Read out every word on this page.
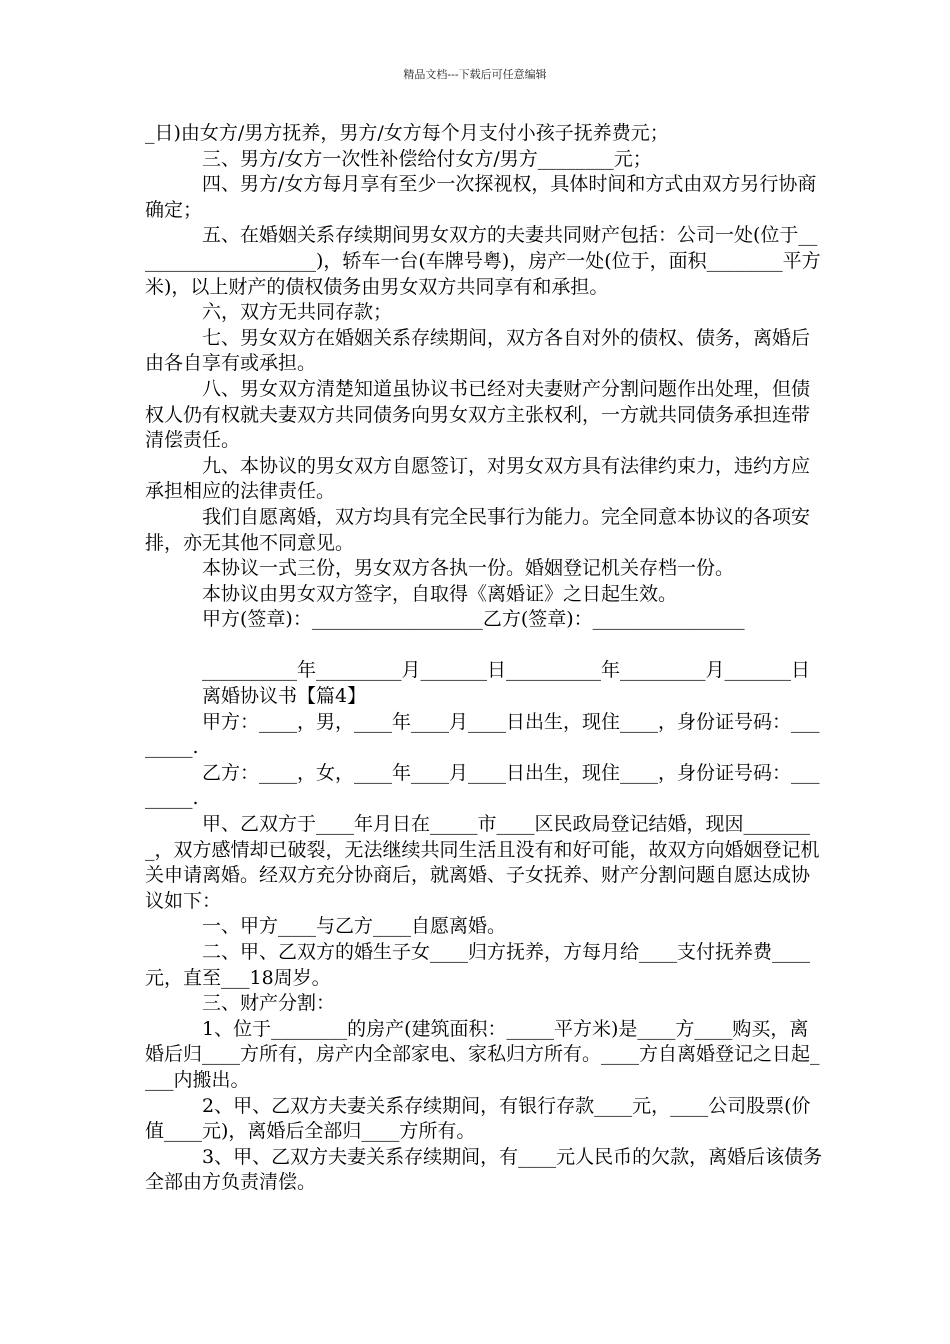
精品文档---下载后可任意编辑

_日)由女方/男方抚养，男方/女方每个月支付小孩子抚养费元；

三、男方/女方一次性补偿给付女方/男方________元；

四、男方/女方每月享有至少一次探视权，具体时间和方式由双方另行协商确定；

五、在婚姻关系存续期间男女双方的夫妻共同财产包括：公司一处(位于____________________)，轿车一台(车牌号粤)，房产一处(位于，面积________平方米)，以上财产的债权债务由男女双方共同享有和承担。

六，双方无共同存款；

七、男女双方在婚姻关系存续期间，双方各自对外的债权、债务，离婚后由各自享有或承担。

八、男女双方清楚知道虽协议书已经对夫妻财产分割问题作出处理，但债权人仍有权就夫妻双方共同债务向男女双方主张权利，一方就共同债务承担连带清偿责任。

九、本协议的男女双方自愿签订，对男女双方具有法律约束力，违约方应承担相应的法律责任。

我们自愿离婚，双方均具有完全民事行为能力。完全同意本协议的各项安排，亦无其他不同意见。

本协议一式三份，男女双方各执一份。婚姻登记机关存档一份。

本协议由男女双方签字，自取得《离婚证》之日起生效。

甲方(签章)：__________________乙方(签章)：________________

__________年_________月_______日__________年_________月_______日

离婚协议书【篇4】

甲方：____，男，____年____月____日出生，现住____，身份证号码：________.

乙方：____，女，____年____月____日出生，现住____，身份证号码：________.

甲、乙双方于____年月日在_____市____区民政局登记结婚，现因________，双方感情却已破裂，无法继续共同生活且没有和好可能，故双方向婚姻登记机关申请离婚。经双方充分协商后，就离婚、子女抚养、财产分割问题自愿达成协议如下：

一、甲方____与乙方____自愿离婚。

二、甲、乙双方的婚生子女____归方抚养，方每月给____支付抚养费____元，直至___18周岁。

三、财产分割：

1、位于________的房产(建筑面积：_____平方米)是____方____购买，离婚后归____方所有，房产内全部家电、家私归方所有。____方自离婚登记之日起____内搬出。

2、甲、乙双方夫妻关系存续期间，有银行存款____元，____公司股票(价值____元)，离婚后全部归____方所有。

3、甲、乙双方夫妻关系存续期间，有____元人民币的欠款，离婚后该债务全部由方负责清偿。
